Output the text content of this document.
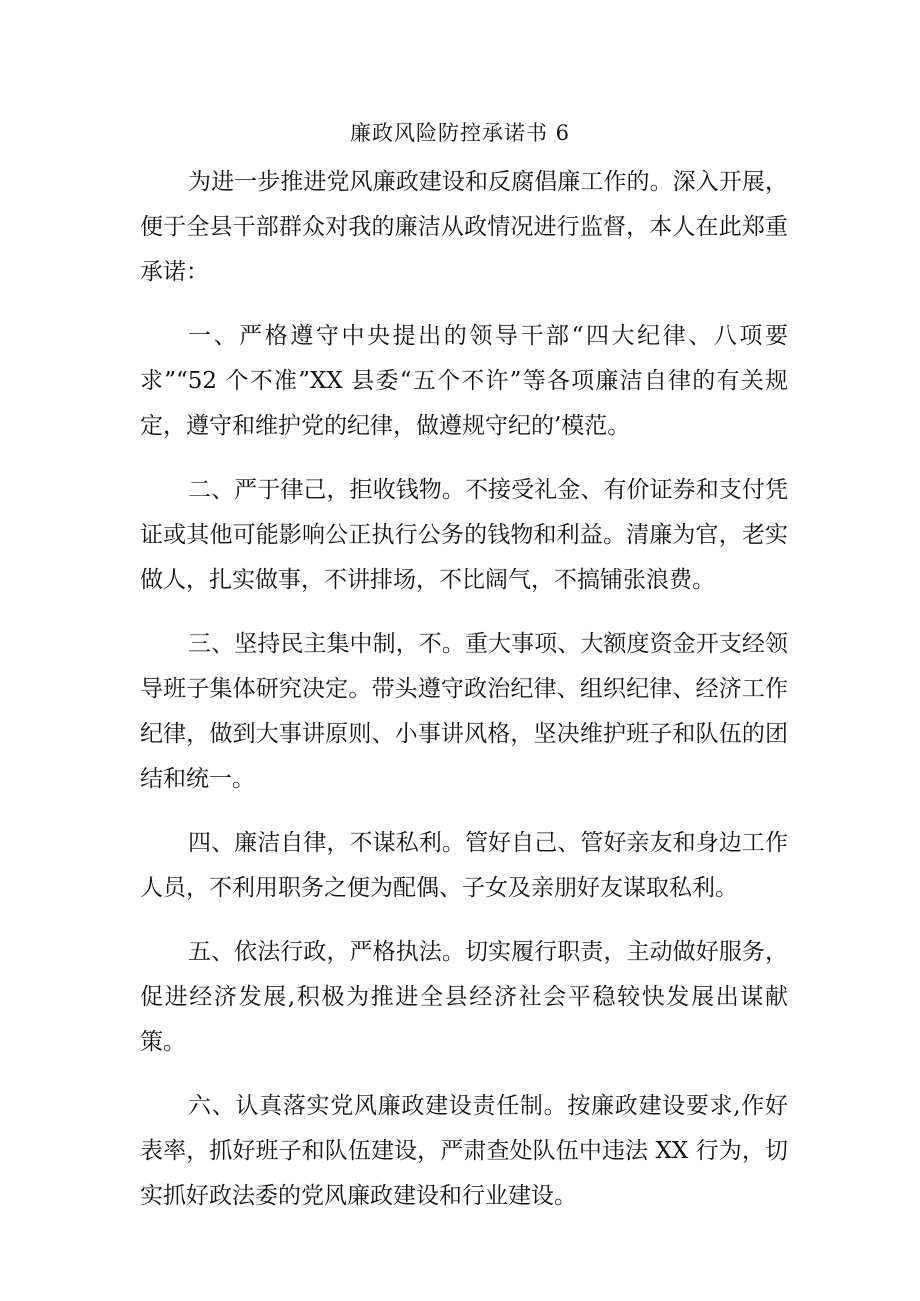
廉政风险防控承诺书 6

为进一步推进党风廉政建设和反腐倡廉工作的。深入开展，便于全县干部群众对我的廉洁从政情况进行监督，本人在此郑重承诺：

一、严格遵守中央提出的领导干部“四大纪律、八项要求”“52 个不准”XX 县委“五个不许”等各项廉洁自律的有关规定，遵守和维护党的纪律，做遵规守纪的’模范。

二、严于律己，拒收钱物。不接受礼金、有价证券和支付凭证或其他可能影响公正执行公务的钱物和利益。清廉为官，老实做人，扎实做事，不讲排场，不比阔气，不搞铺张浪费。

三、坚持民主集中制，不。重大事项、大额度资金开支经领导班子集体研究决定。带头遵守政治纪律、组织纪律、经济工作纪律，做到大事讲原则、小事讲风格，坚决维护班子和队伍的团结和统一。

四、廉洁自律，不谋私利。管好自己、管好亲友和身边工作人员，不利用职务之便为配偶、子女及亲朋好友谋取私利。

五、依法行政，严格执法。切实履行职责，主动做好服务，促进经济发展,积极为推进全县经济社会平稳较快发展出谋献策。

六、认真落实党风廉政建设责任制。按廉政建设要求,作好表率，抓好班子和队伍建设，严肃查处队伍中违法 XX 行为，切实抓好政法委的党风廉政建设和行业建设。
